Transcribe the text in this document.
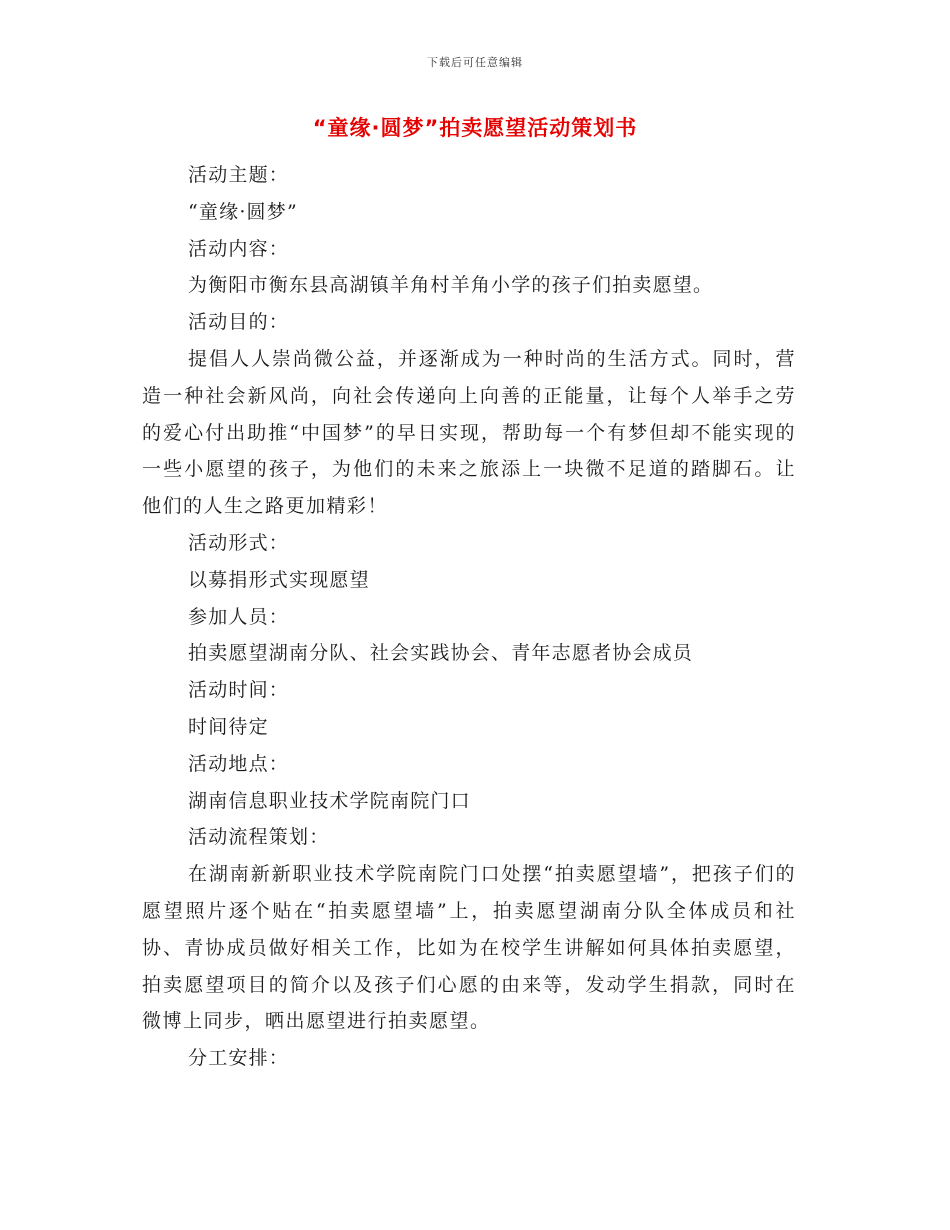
下载后可任意编辑
“童缘·圆梦”拍卖愿望活动策划书
活动主题：
“童缘·圆梦”
活动内容：
为衡阳市衡东县高湖镇羊角村羊角小学的孩子们拍卖愿望。
活动目的：
提倡人人崇尚微公益，并逐渐成为一种时尚的生活方式。同时，营造一种社会新风尚，向社会传递向上向善的正能量，让每个人举手之劳的爱心付出助推“中国梦”的早日实现，帮助每一个有梦但却不能实现的一些小愿望的孩子，为他们的未来之旅添上一块微不足道的踏脚石。让他们的人生之路更加精彩！
活动形式：
以募捐形式实现愿望
参加人员：
拍卖愿望湖南分队、社会实践协会、青年志愿者协会成员
活动时间：
时间待定
活动地点：
湖南信息职业技术学院南院门口
活动流程策划：
在湖南新新职业技术学院南院门口处摆“拍卖愿望墙”，把孩子们的愿望照片逐个贴在“拍卖愿望墙”上，拍卖愿望湖南分队全体成员和社协、青协成员做好相关工作，比如为在校学生讲解如何具体拍卖愿望，拍卖愿望项目的简介以及孩子们心愿的由来等，发动学生捐款，同时在微博上同步，晒出愿望进行拍卖愿望。
分工安排：
